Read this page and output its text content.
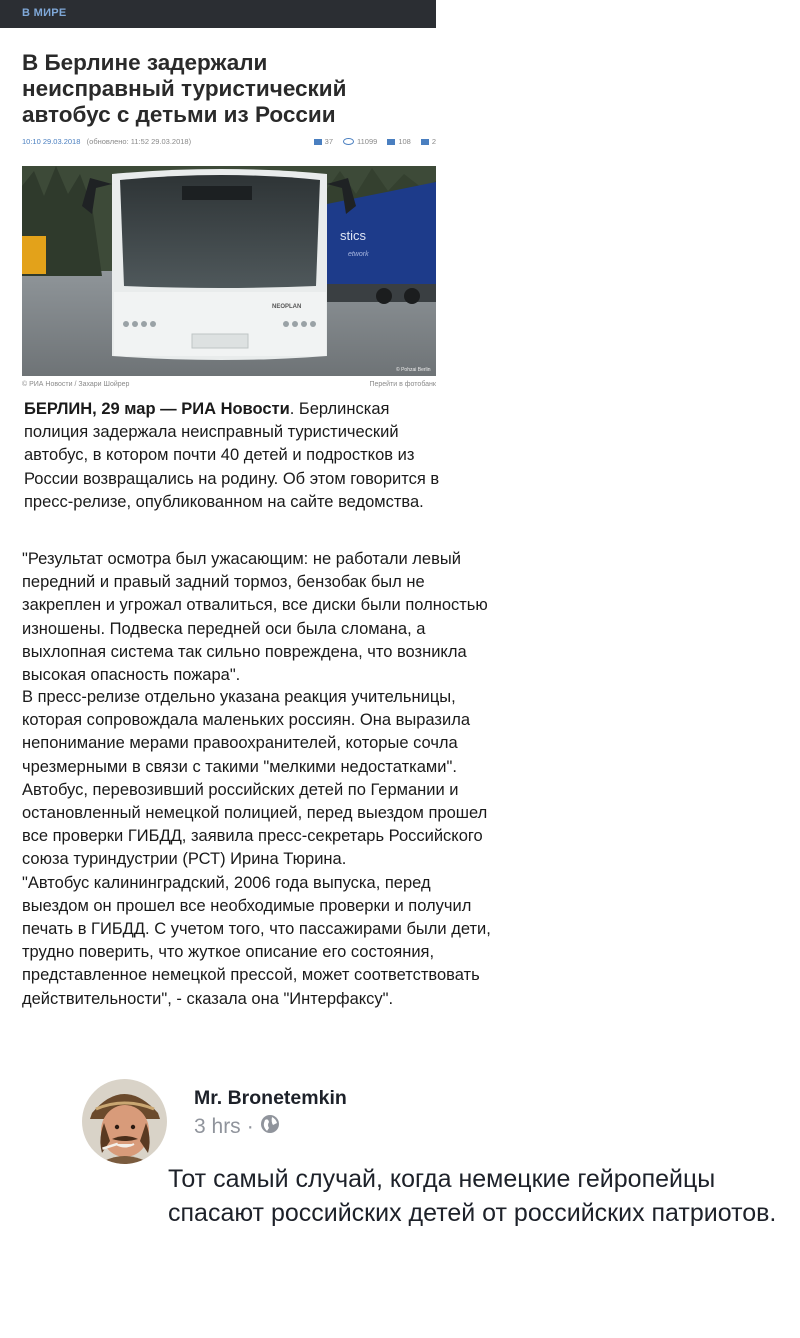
В МИРЕ
В Берлине задержали неисправный туристический автобус с детьми из России
10:10 29.03.2018 (обновлено: 11:52 29.03.2018)	37	11099	108	2
stics
etwork
NEOPLAN
© Pohzai Berlin
© РИА Новости / Захари Шойрер	Перейти в фотобанк
БЕРЛИН, 29 мар — РИА Новости. Берлинская полиция задержала неисправный туристический автобус, в котором почти 40 детей и подростков из России возвращались на родину. Об этом говорится в пресс-релизе, опубликованном на сайте ведомства.
"Результат осмотра был ужасающим: не работали левый передний и правый задний тормоз, бензобак был не закреплен и угрожал отвалиться, все диски были полностью изношены. Подвеска передней оси была сломана, а выхлопная система так сильно повреждена, что возникла высокая опасность пожара".
В пресс-релизе отдельно указана реакция учительницы, которая сопровождала маленьких россиян. Она выразила непонимание мерами правоохранителей, которые сочла чрезмерными в связи с такими "мелкими недостатками".
Автобус, перевозивший российских детей по Германии и остановленный немецкой полицией, перед выездом прошел все проверки ГИБДД, заявила пресс-секретарь Российского союза туриндустрии (РСТ) Ирина Тюрина.
"Автобус калининградский, 2006 года выпуска, перед выездом он прошел все необходимые проверки и получил печать в ГИБДД. С учетом того, что пассажирами были дети, трудно поверить, что жуткое описание его состояния, представленное немецкой прессой, может соответствовать действительности", - сказала она "Интерфаксу".
Mr. Bronetemkin
3 hrs ·
Тот самый случай, когда немецкие гейропейцы спасают российских детей от российских патриотов.
